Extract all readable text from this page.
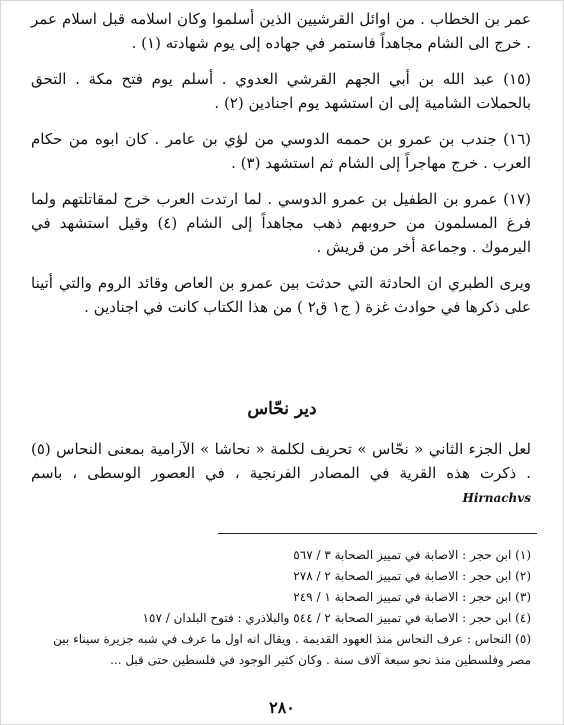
عمر بن الخطاب . من اوائل القرشيين الذين أسلموا وكان اسلامه قبل اسلام عمر . خرج الى الشام مجاهداً فاستمر في جهاده إلى يوم شهادته (١) .

(١٥) عبد الله بن أبي الجهم القرشي العدوي . أسلم يوم فتح مكة . التحق بالحملات الشامية إلى ان استشهد يوم اجنادين (٢) .

(١٦) جندب بن عمرو بن حممه الدوسي من لؤي بن عامر . كان ابوه من حكام العرب . خرج مهاجراً إلى الشام ثم استشهد (٣) .

(١٧) عمرو بن الطفيل بن عمرو الدوسي . لما ارتدت العرب خرج لمقاتلتهم ولما فرغ المسلمون من حروبهم ذهب مجاهداً إلى الشام (٤) وقيل استشهد في اليرموك . وجماعة أخر من قريش .

ويرى الطبري ان الحادثة التي حدثت بين عمرو بن العاص وقائد الروم والتي أتينا على ذكرها في حوادث غزة ( ج١ ق٢ ) من هذا الكتاب كانت في اجنادين .

دير نحّاس

لعل الجزء الثاني « نحّاس » تحريف لكلمة « نحاشا » الآرامية بمعنى النحاس (٥) . ذكرت هذه القرية في المصادر الفرنجية ، في العصور الوسطى ، باسم Hirnachvs

(١) ابن حجر : الاصابة في تمييز الصحابة ٣ / ٥٦٧

(٢) ابن حجر : الاصابة في تمييز الصحابة ٢ / ٢٧٨

(٣) ابن حجر : الاصابة في تمييز الصحابة ١ / ٢٤٩

(٤) ابن حجر : الاصابة في تمييز الصحابة ٢ / ٥٤٤ والبلاذري : فتوح البلدان / ١٥٧

(٥) النحاس : عرف النحاس منذ العهود القديمة . ويقال انه اول ما عرف في شبه جزيرة سيناء بين مصر وفلسطين منذ نحو سبعة آلاف سنة . وكان كثير الوجود في فلسطين حتى قبل ...

٢٨٠
